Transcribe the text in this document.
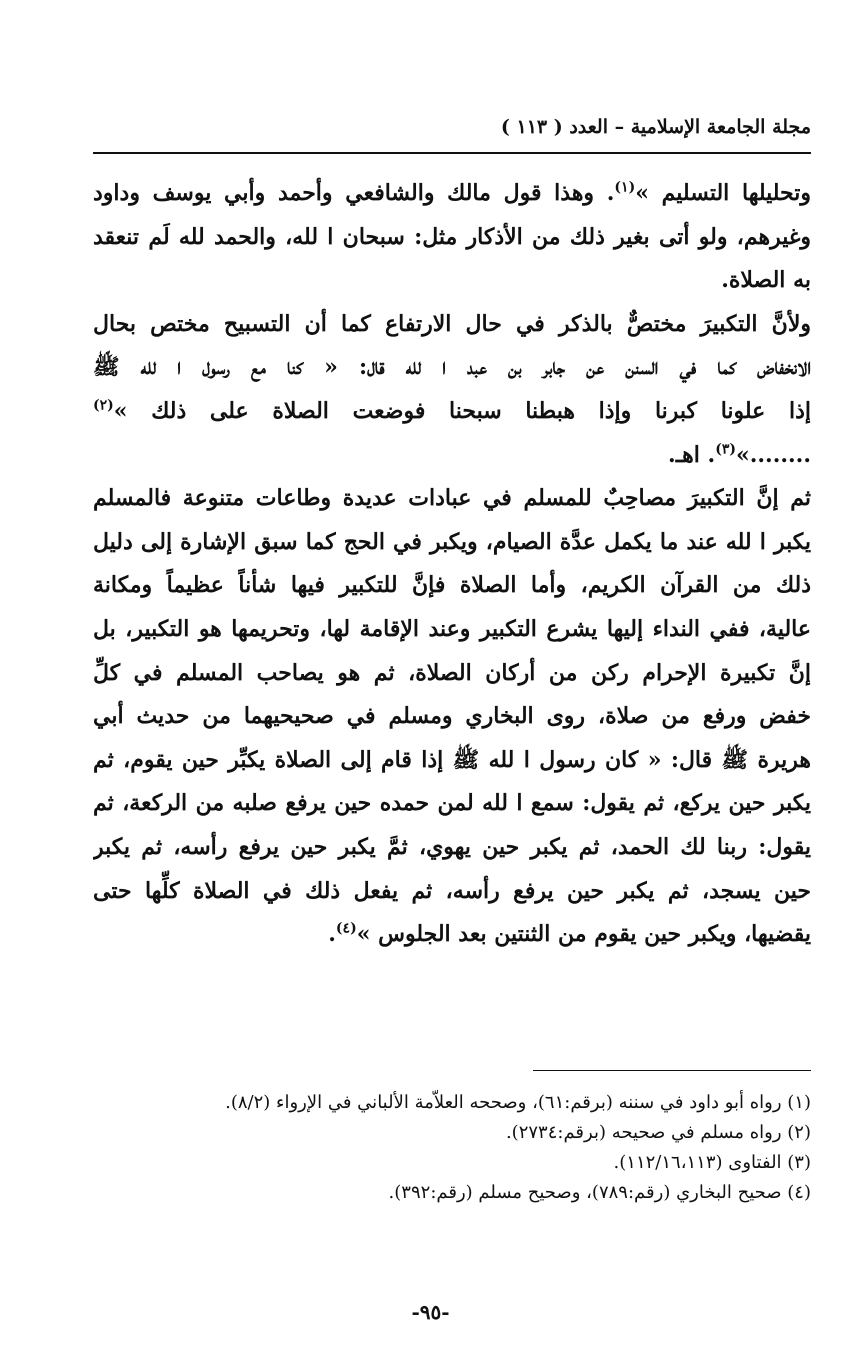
مجلة الجامعة الإسلامية – العدد ( ١١٣ )
وتحليلها التسليم »$^{(١)}$. وهذا قول مالك والشافعي وأحمد وأبي يوسف وداود
وغيرهم، ولو أتى بغير ذلك من الأذكار مثل: سبحان ا لله، والحمد لله لَم تنعقد
به الصلاة.
ولأنَّ التكبيرَ مختصٌّ بالذكر في حال الارتفاع كما أن التسبيح مختص بحال
الانخفاض كما في السنن عن جابر بن عبد ا لله قال: « كنا مع رسول ا لله ﷺ
إذا علونا كبرنا وإذا هبطنا سبحنا فوضعت الصلاة على ذلك »$^{(٢)}$
........»$^{(٣)}$. اهـ.
ثم إنَّ التكبيرَ مصاحِبٌ للمسلم في عبادات عديدة وطاعات متنوعة فالمسلم
يكبر ا لله عند ما يكمل عدَّة الصيام، ويكبر في الحج كما سبق الإشارة إلى دليل
ذلك من القرآن الكريم، وأما الصلاة فإنَّ للتكبير فيها شأناً عظيماً ومكانة
عالية، ففي النداء إليها يشرع التكبير وعند الإقامة لها، وتحريمها هو التكبير، بل
إنَّ تكبيرة الإحرام ركن من أركان الصلاة، ثم هو يصاحب المسلم في كلِّ
خفض ورفع من صلاة، روى البخاري ومسلم في صحيحيهما من حديث أبي
هريرة ﷺ قال: « كان رسول ا لله ﷺ إذا قام إلى الصلاة يكبِّر حين يقوم، ثم
يكبر حين يركع، ثم يقول: سمع ا لله لمن حمده حين يرفع صلبه من الركعة، ثم
يقول: ربنا لك الحمد، ثم يكبر حين يهوي، ثمَّ يكبر حين يرفع رأسه، ثم يكبر
حين يسجد، ثم يكبر حين يرفع رأسه، ثم يفعل ذلك في الصلاة كلِّها حتى
يقضيها، ويكبر حين يقوم من الثنتين بعد الجلوس »$^{(٤)}$.
(١) رواه أبو داود في سننه (برقم:٦١)، وصححه العلاّمة الألباني في الإرواء (٨/٢).
(٢) رواه مسلم في صحيحه (برقم:٢٧٣٤).
(٣) الفتاوى (١١٢/١٦،١١٣).
(٤) صحيح البخاري (رقم:٧٨٩)، وصحيح مسلم (رقم:٣٩٢).
-٩٥-
